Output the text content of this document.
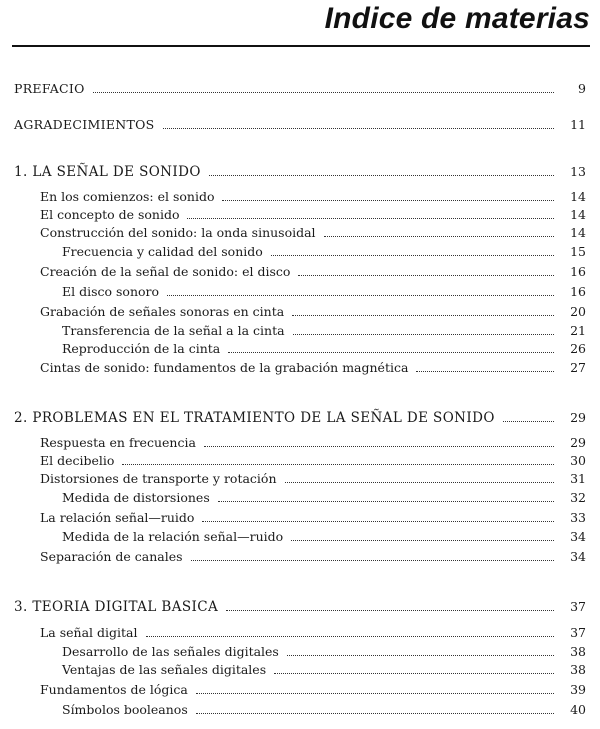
Indice de materias
PREFACIO	9
AGRADECIMIENTOS	11
1. LA SEÑAL DE SONIDO	13
En los comienzos: el sonido	14
El concepto de sonido	14
Construcción del sonido: la onda sinusoidal	14
Frecuencia y calidad del sonido	15
Creación de la señal de sonido: el disco	16
El disco sonoro	16
Grabación de señales sonoras en cinta	20
Transferencia de la señal a la cinta	21
Reproducción de la cinta	26
Cintas de sonido: fundamentos de la grabación magnética	27
2. PROBLEMAS EN EL TRATAMIENTO DE LA SEÑAL DE SONIDO	29
Respuesta en frecuencia	29
El decibelio	30
Distorsiones de transporte y rotación	31
Medida de distorsiones	32
La relación señal—ruido	33
Medida de la relación señal—ruido	34
Separación de canales	34
3. TEORIA DIGITAL BASICA	37
La señal digital	37
Desarrollo de las señales digitales	38
Ventajas de las señales digitales	38
Fundamentos de lógica	39
Símbolos booleanos	40
